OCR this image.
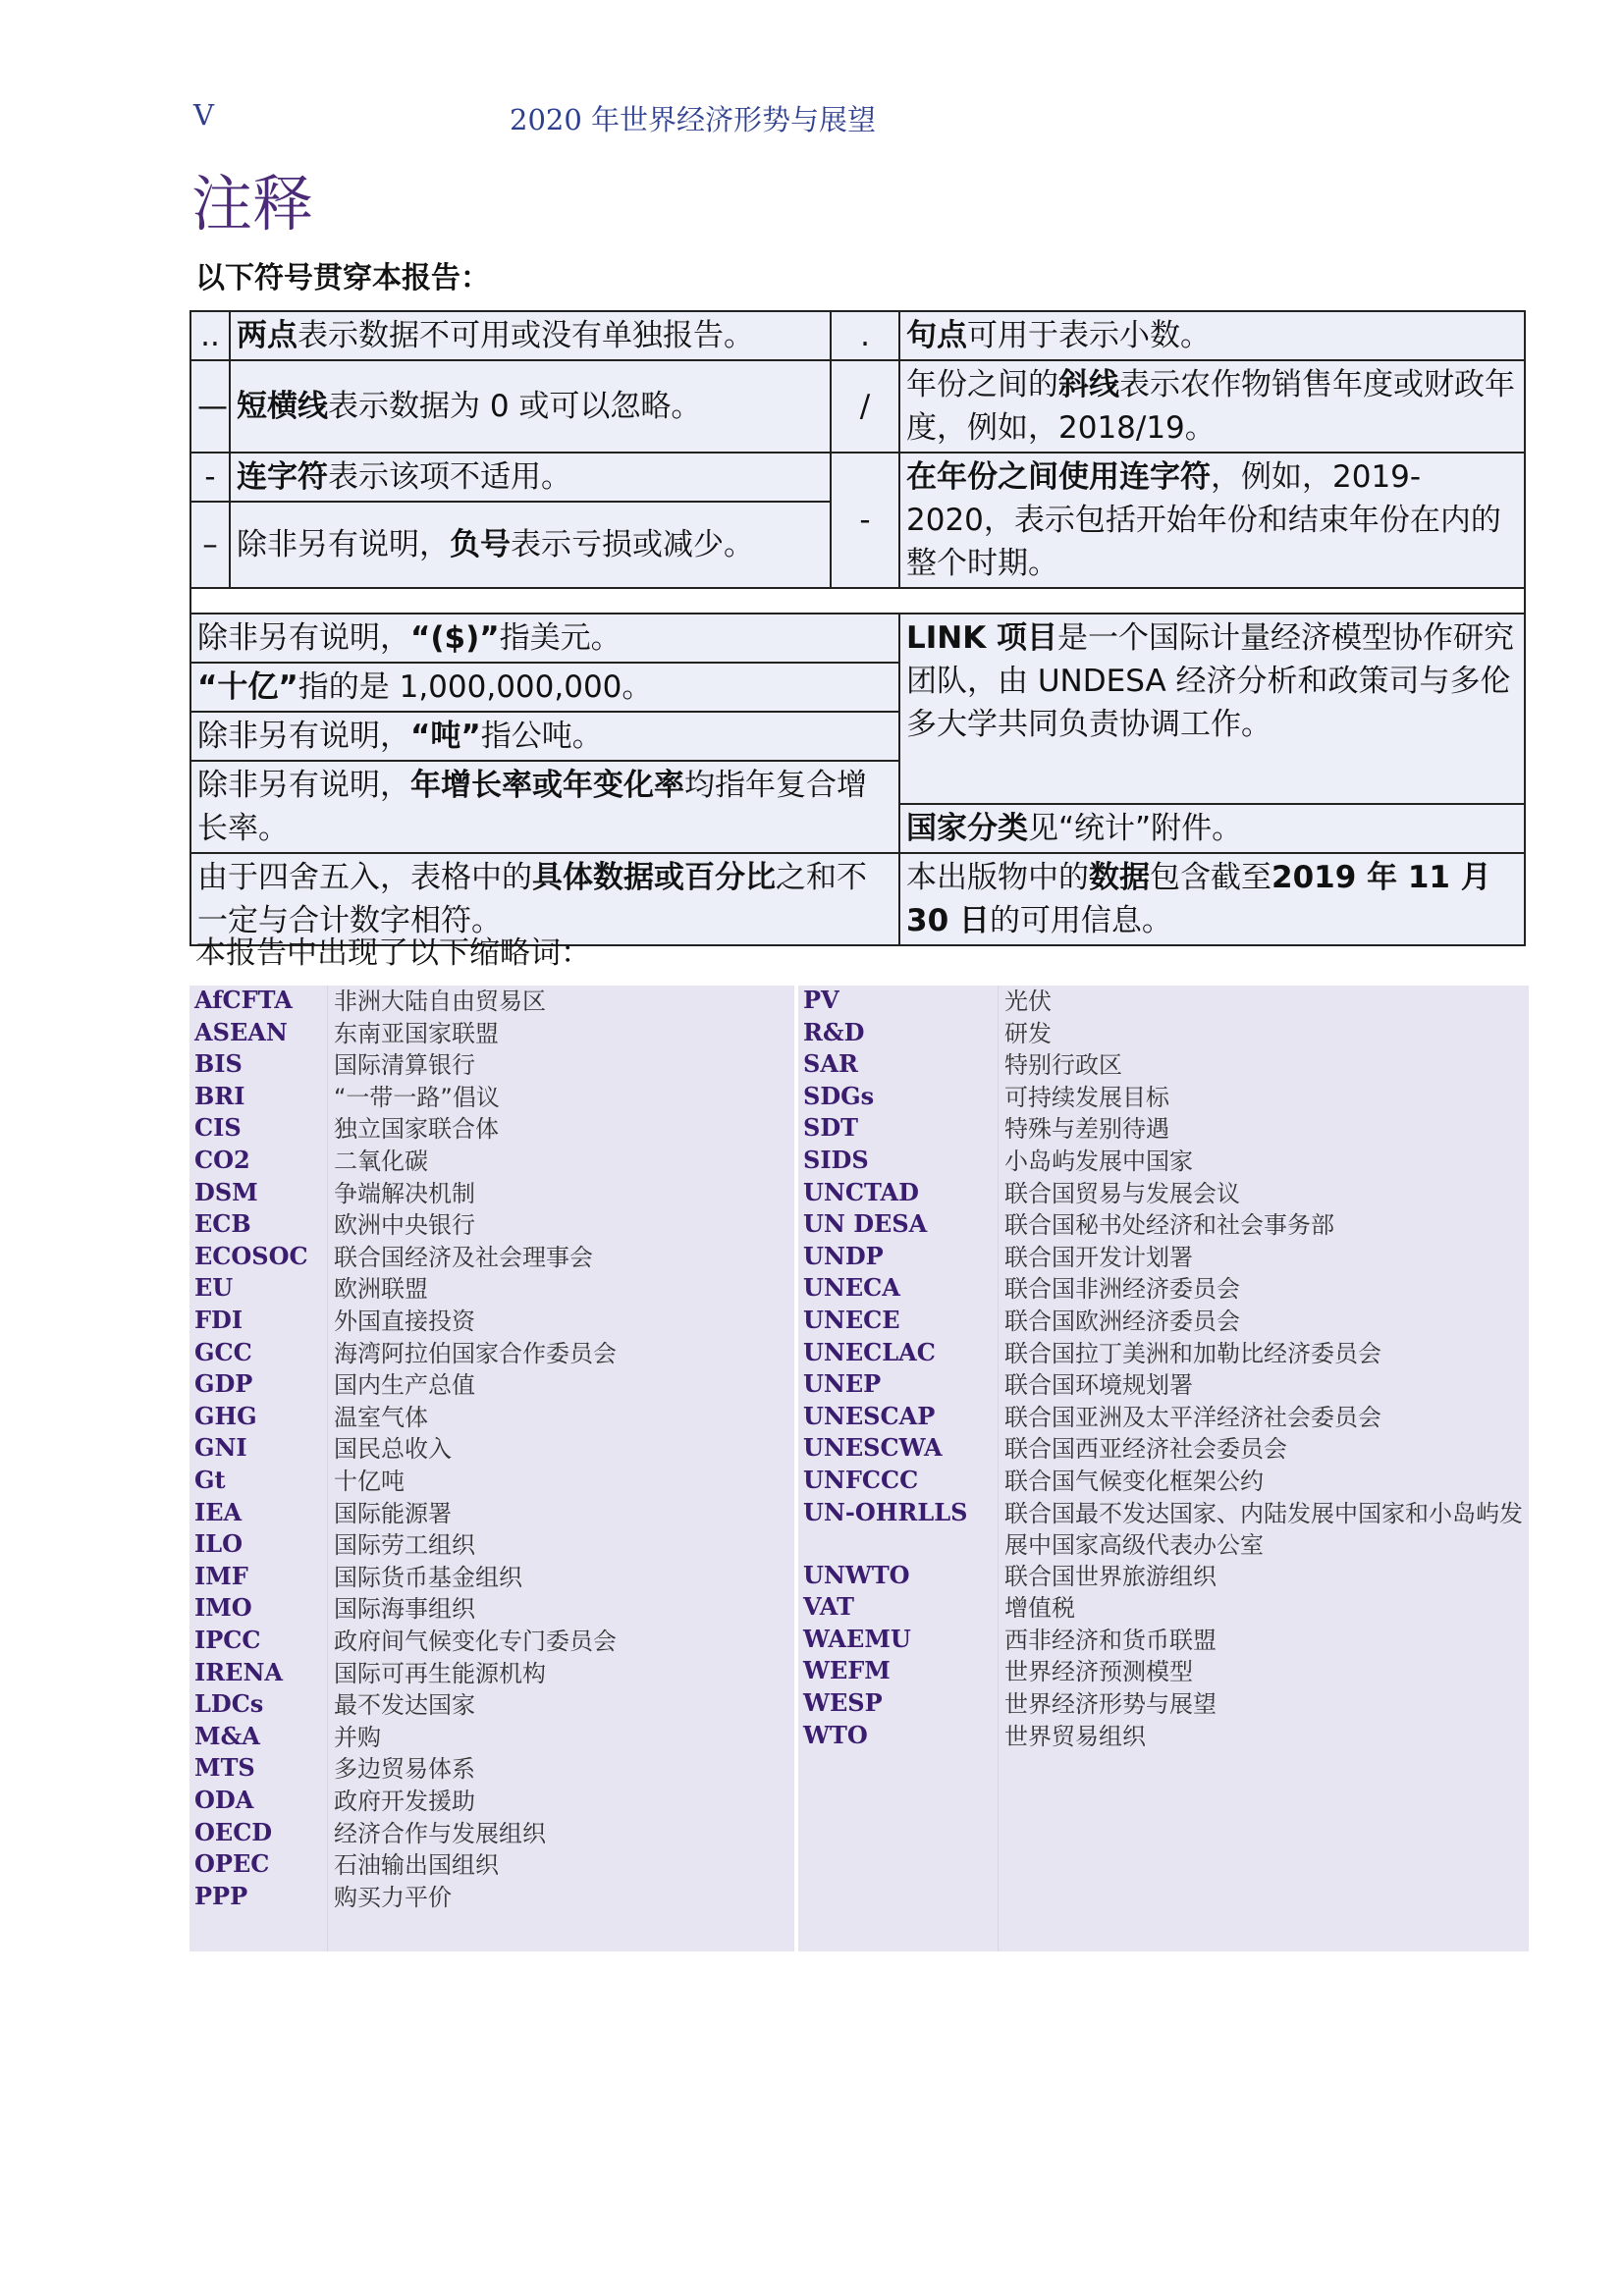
V	2020 年世界经济形势与展望
注释
以下符号贯穿本报告：
..	两点表示数据不可用或没有单独报告。	.	句点可用于表示小数。
—	短横线表示数据为 0 或可以忽略。	/	年份之间的斜线表示农作物销售年度或财政年度，例如，2018/19。
-	连字符表示该项不适用。	-	在年份之间使用连字符，例如，2019-2020，表示包括开始年份和结束年份在内的整个时期。
–	除非另有说明，负号表示亏损或减少。		

除非另有说明，“($)”指美元。			LINK 项目是一个国际计量经济模型协作研究团队，由 UNDESA 经济分析和政策司与多伦多大学共同负责协调工作。
“十亿”指的是 1,000,000,000。			
除非另有说明，“吨”指公吨。			
除非另有说明，年增长率或年变化率均指年复合增长率。			
			国家分类见“统计”附件。
由于四舍五入，表格中的具体数据或百分比之和不一定与合计数字相符。			本出版物中的数据包含截至2019 年 11 月 30 日的可用信息。
本报告中出现了以下缩略词：
AfCFTA 非洲大陆自由贸易区
ASEAN 东南亚国家联盟
BIS	国际清算银行
BRI	“一带一路”倡议
CIS	独立国家联合体
CO2	二氧化碳
DSM	争端解决机制
ECB	欧洲中央银行
ECOSOC 联合国经济及社会理事会
EU	欧洲联盟
FDI	外国直接投资
GCC	海湾阿拉伯国家合作委员会
GDP	国内生产总值
GHG	温室气体
GNI	国民总收入
Gt	十亿吨
IEA	国际能源署
ILO	国际劳工组织
IMF	国际货币基金组织
IMO	国际海事组织
IPCC	政府间气候变化专门委员会
IRENA 国际可再生能源机构
LDCs	最不发达国家
M&A	并购
MTS	多边贸易体系
ODA	政府开发援助
OECD	经济合作与发展组织
OPEC	石油输出国组织
PPP	购买力平价
PV	光伏
R&D	研发
SAR	特别行政区
SDGs	可持续发展目标
SDT	特殊与差别待遇
SIDS	小岛屿发展中国家
UNCTAD	联合国贸易与发展会议
UN DESA	联合国秘书处经济和社会事务部
UNDP	联合国开发计划署
UNECA	联合国非洲经济委员会
UNECE	联合国欧洲经济委员会
UNECLAC	联合国拉丁美洲和加勒比经济委员会
UNEP	联合国环境规划署
UNESCAP	联合国亚洲及太平洋经济社会委员会
UNESCWA	联合国西亚经济社会委员会
UNFCCC	联合国气候变化框架公约
UN-OHRLLS 联合国最不发达国家、内陆发展中国家和小岛屿发展中国家高级代表办公室
UNWTO	联合国世界旅游组织
VAT	增值税
WAEMU	西非经济和货币联盟
WEFM	世界经济预测模型
WESP	世界经济形势与展望
WTO	世界贸易组织
